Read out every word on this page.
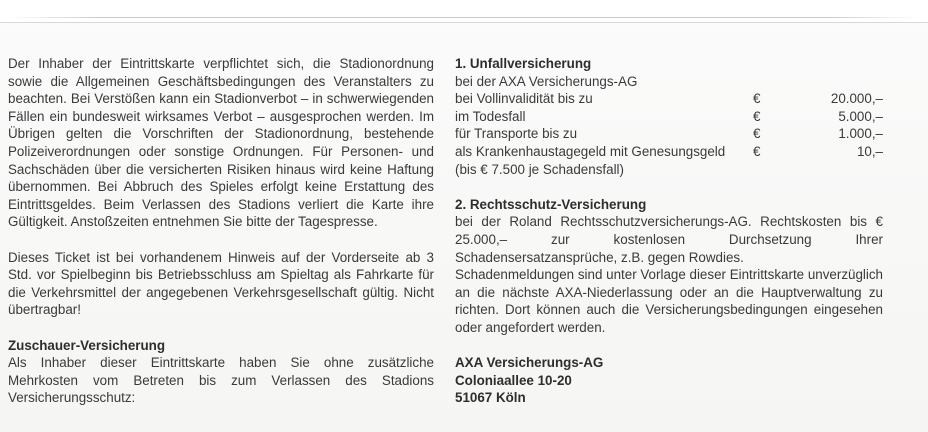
Der Inhaber der Eintrittskarte verpflichtet sich, die Stadionordnung sowie die Allgemeinen Geschäftsbedingungen des Veranstalters zu beachten. Bei Verstößen kann ein Stadionverbot – in schwerwiegenden Fällen ein bundesweit wirksames Verbot – ausgesprochen werden. Im Übrigen gelten die Vorschriften der Stadionordnung, bestehende Polizeiverordnungen oder sonstige Ordnungen. Für Personen- und Sachschäden über die versicherten Risiken hinaus wird keine Haftung übernommen. Bei Abbruch des Spieles erfolgt keine Erstattung des Eintrittsgeldes. Beim Verlassen des Stadions verliert die Karte ihre Gültigkeit. Anstoßzeiten entnehmen Sie bitte der Tagespresse.

Dieses Ticket ist bei vorhandenem Hinweis auf der Vorderseite ab 3 Std. vor Spielbeginn bis Betriebsschluss am Spieltag als Fahrkarte für die Verkehrsmittel der angegebenen Verkehrsgesellschaft gültig. Nicht übertragbar!

Zuschauer-Versicherung

Als Inhaber dieser Eintrittskarte haben Sie ohne zusätzliche Mehrkosten vom Betreten bis zum Verlassen des Stadions Versicherungsschutz:

1. Unfallversicherung
bei der AXA Versicherungs-AG
bei Vollinvalidität bis zu	€	20.000,–
im Todesfall	€	5.000,–
für Transporte bis zu	€	1.000,–
als Krankenhaustagegeld mit Genesungsgeld	€	10,–
(bis € 7.500 je Schadensfall)
2. Rechtsschutz-Versicherung

bei der Roland Rechtsschutzversicherungs-AG. Rechtskosten bis € 25.000,– zur kostenlosen Durchsetzung Ihrer Schadensersatzansprüche, z.B. gegen Rowdies.

Schadenmeldungen sind unter Vorlage dieser Eintrittskarte unverzüglich an die nächste AXA-Niederlassung oder an die Hauptverwaltung zu richten. Dort können auch die Versicherungsbedingungen eingesehen oder angefordert werden.

AXA Versicherungs-AG
Coloniaallee 10-20
51067 Köln
